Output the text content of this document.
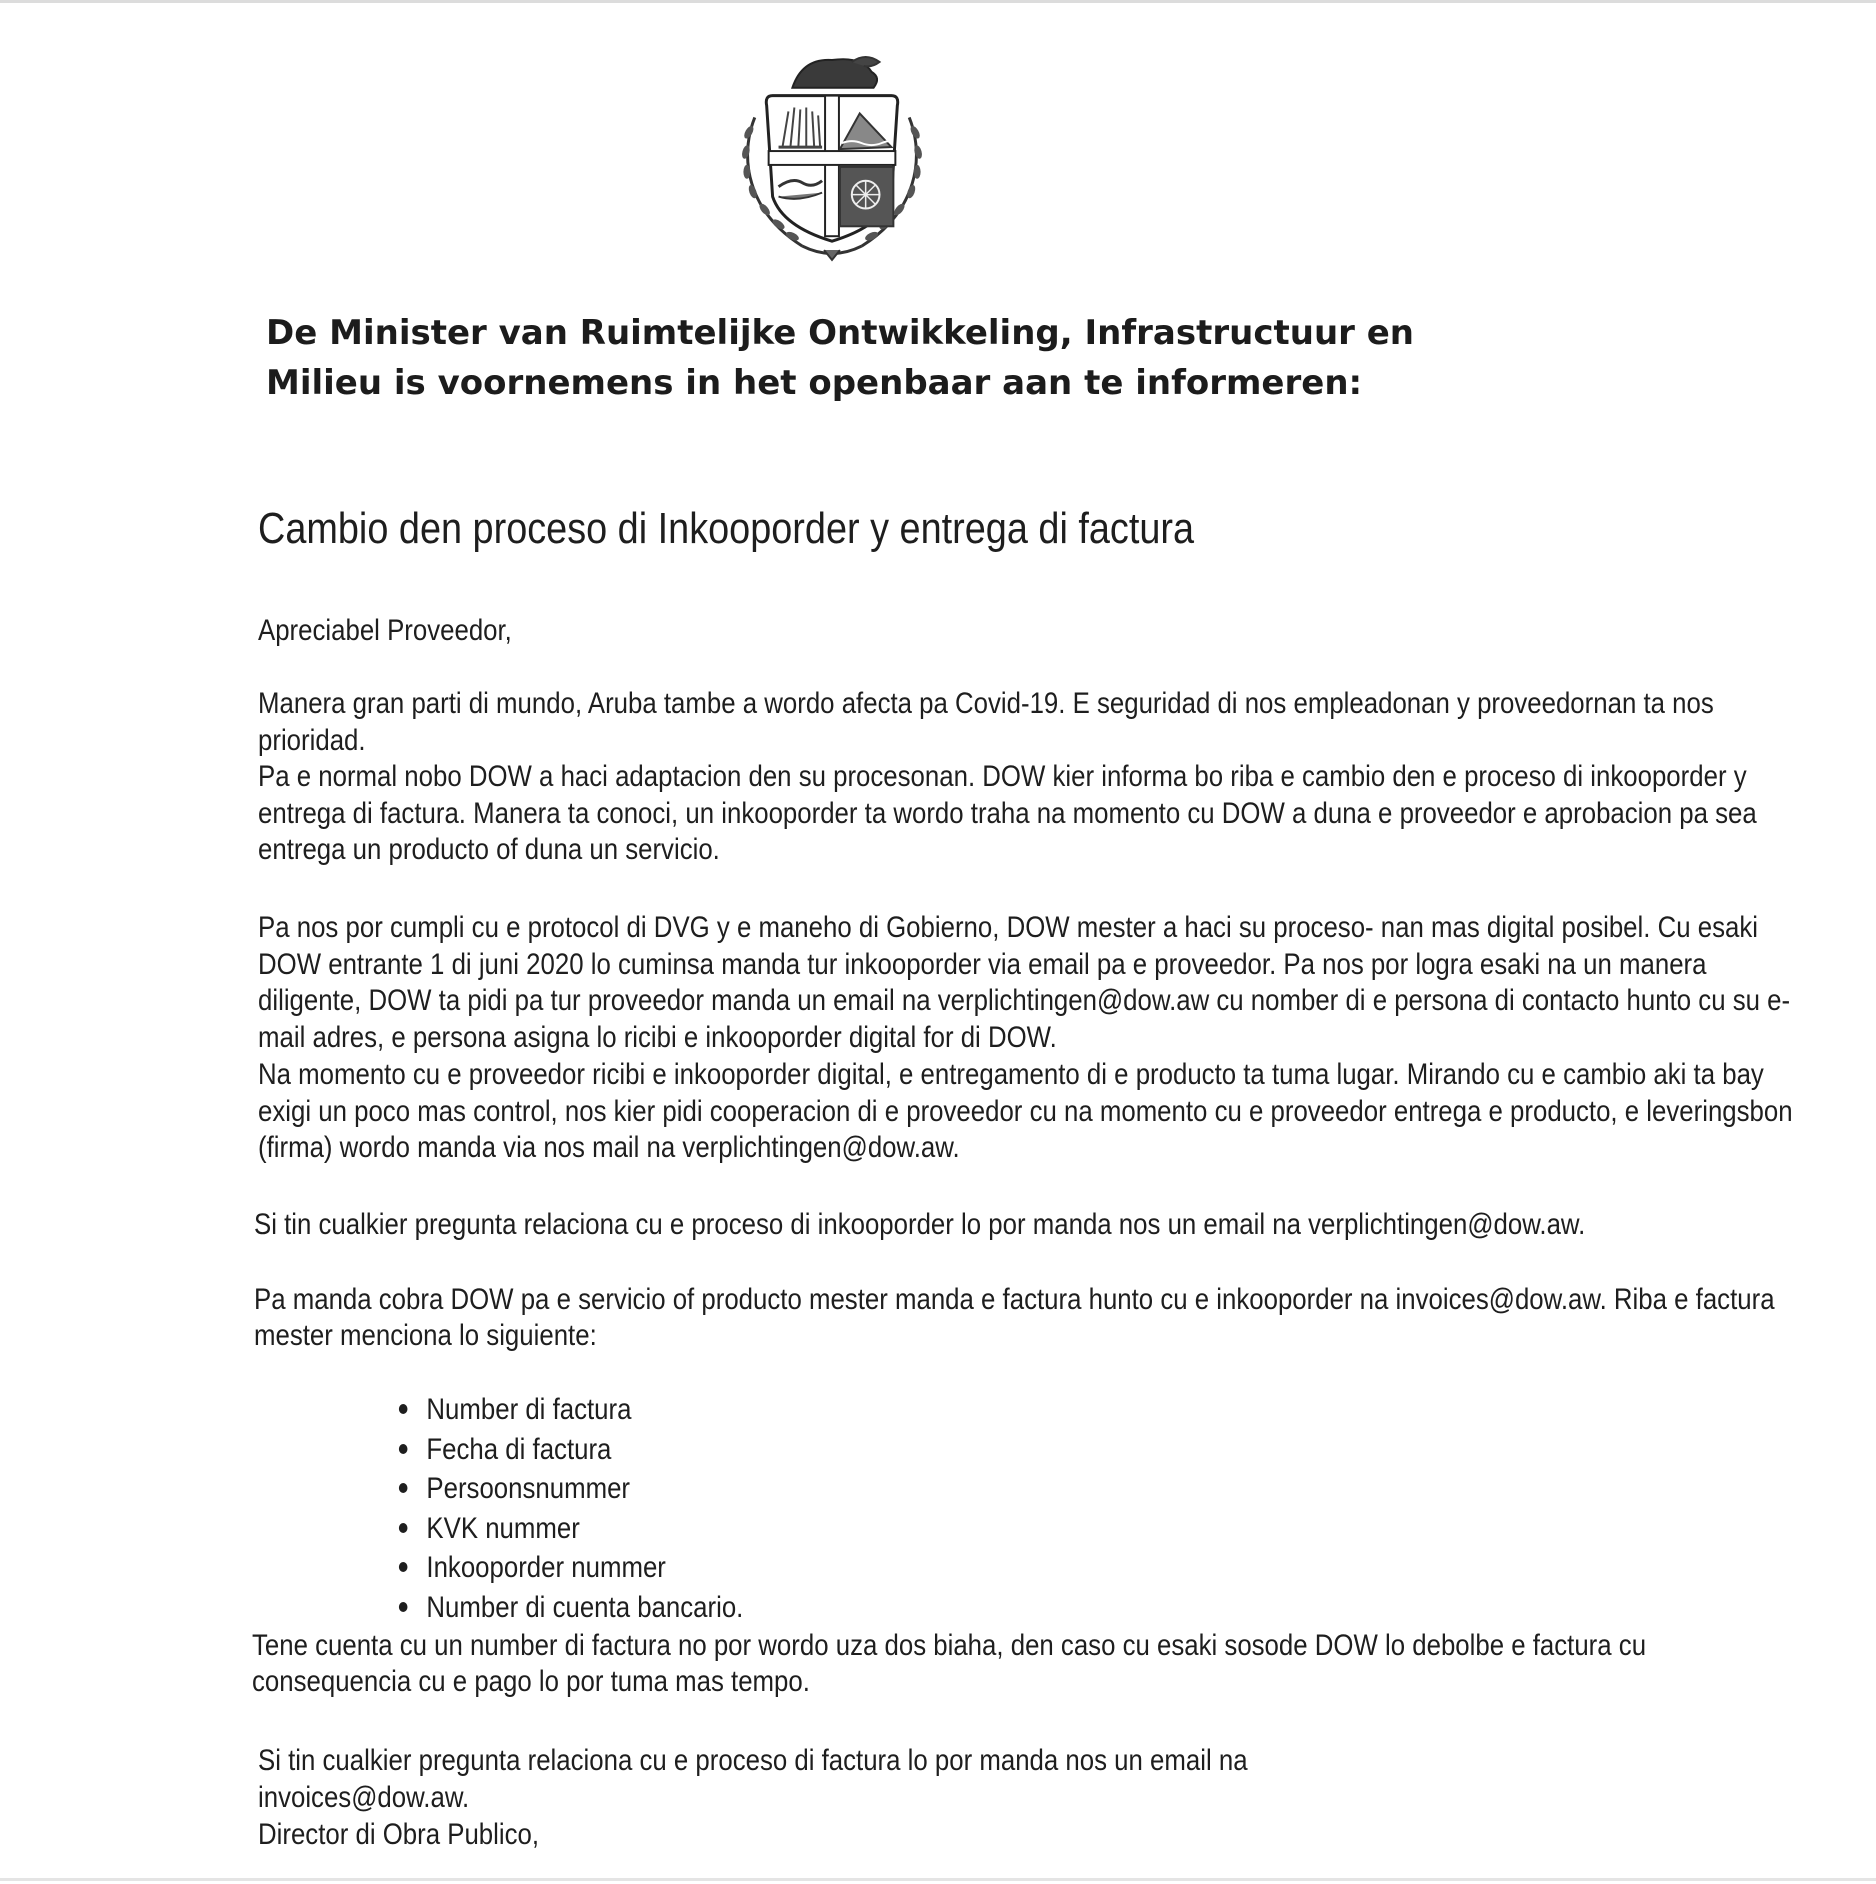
De Minister van Ruimtelijke Ontwikkeling, Infrastructuur en
Milieu is voornemens in het openbaar aan te informeren:
Cambio den proceso di Inkooporder y entrega di factura

Apreciabel Proveedor,

Manera gran parti di mundo, Aruba tambe a wordo afecta pa Covid-19. E seguridad di nos empleadonan y proveedornan ta nos
prioridad.
Pa e normal nobo DOW a haci adaptacion den su procesonan. DOW kier informa bo riba e cambio den e proceso di inkooporder y
entrega di factura. Manera ta conoci, un inkooporder ta wordo traha na momento cu DOW a duna e proveedor e aprobacion pa sea
entrega un producto of duna un servicio.

Pa nos por cumpli cu e protocol di DVG y e maneho di Gobierno, DOW mester a haci su proceso- nan mas digital posibel. Cu esaki
DOW entrante 1 di juni 2020 lo cuminsa manda tur inkooporder via email pa e proveedor. Pa nos por logra esaki na un manera
diligente, DOW ta pidi pa tur proveedor manda un email na verplichtingen@dow.aw cu nomber di e persona di contacto hunto cu su e-
mail adres, e persona asigna lo ricibi e inkooporder digital for di DOW.
Na momento cu e proveedor ricibi e inkooporder digital, e entregamento di e producto ta tuma lugar. Mirando cu e cambio aki ta bay
exigi un poco mas control, nos kier pidi cooperacion di e proveedor cu na momento cu e proveedor entrega e producto, e leveringsbon
(firma) wordo manda via nos mail na verplichtingen@dow.aw.

Si tin cualkier pregunta relaciona cu e proceso di inkooporder lo por manda nos un email na verplichtingen@dow.aw.

Pa manda cobra DOW pa e servicio of producto mester manda e factura hunto cu e inkooporder na invoices@dow.aw. Riba e factura
mester menciona lo siguiente:

Number di factura
Fecha di factura
Persoonsnummer
KVK nummer
Inkooporder nummer
Number di cuenta bancario.

Tene cuenta cu un number di factura no por wordo uza dos biaha, den caso cu esaki sosode DOW lo debolbe e factura cu
consequencia cu e pago lo por tuma mas tempo.

Si tin cualkier pregunta relaciona cu e proceso di factura lo por manda nos un email na
invoices@dow.aw.
Director di Obra Publico,
